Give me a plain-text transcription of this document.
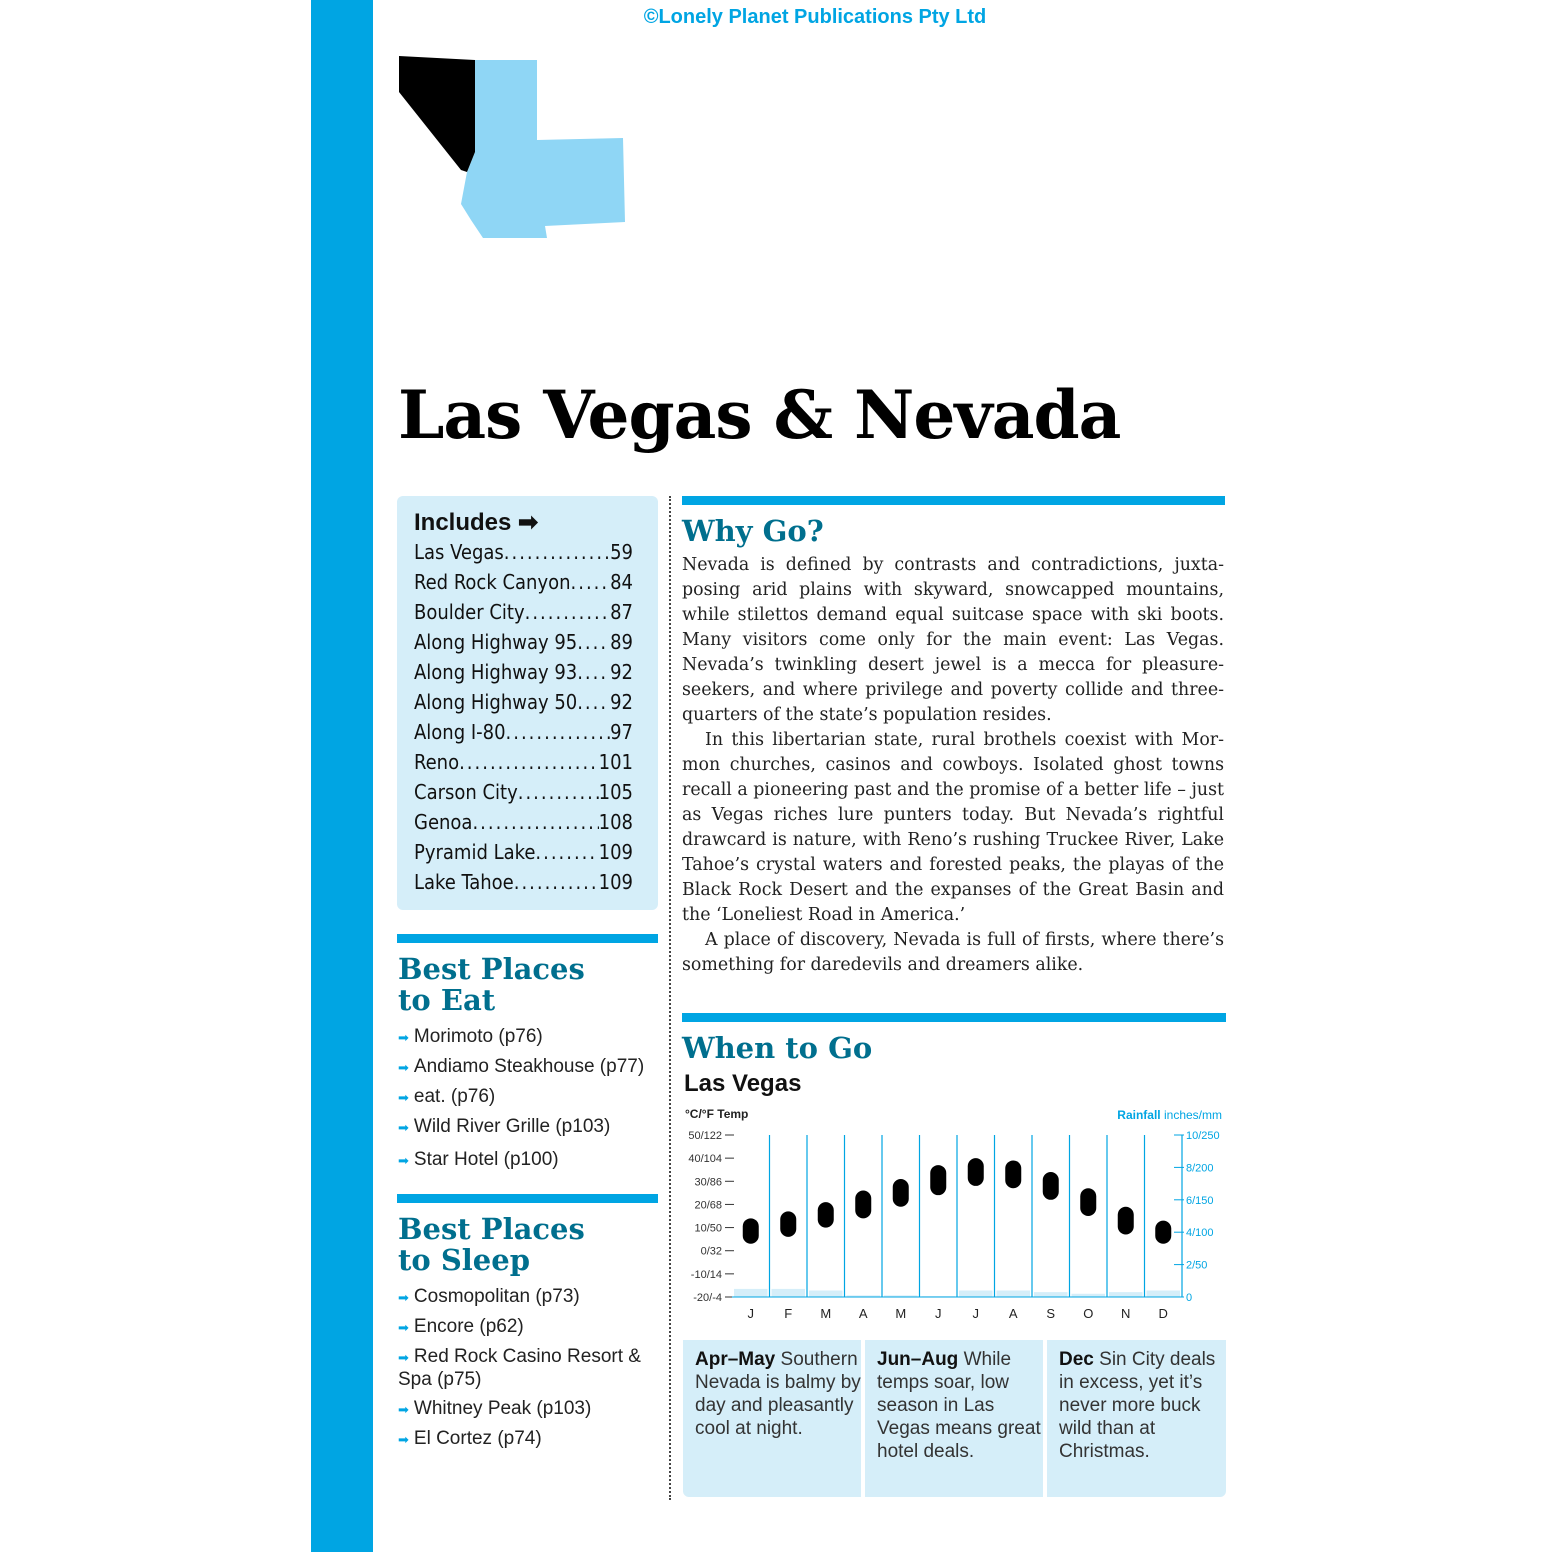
©Lonely Planet Publications Pty Ltd
Las Vegas & Nevada
Includes ➡
Las Vegas .....	59
Red Rock Canyon ..... 84
Boulder City .....	87
Along Highway 95 ..... 89
Along Highway 93 ..... 92
Along Highway 50 ..... 92
Along I-80 .....	97
Reno .....	101
Carson City .....	105
Genoa .....	108
Pyramid Lake .....	109
Lake Tahoe .....	109
Best Places
to Eat
➡ Morimoto (p76)
➡ Andiamo Steakhouse (p77)
➡ eat. (p76)
➡ Wild River Grille (p103)
➡ Star Hotel (p100)
Best Places
to Sleep
➡ Cosmopolitan (p73)
➡ Encore (p62)
➡ Red Rock Casino Resort & Spa (p75)
➡ Whitney Peak (p103)
➡ El Cortez (p74)
Why Go?

Nevada is defined by contrasts and contradictions, juxtaposing arid plains with skyward, snowcapped mountains, while stilettos demand equal suitcase space with ski boots. Many visitors come only for the main event: Las Vegas. Nevada’s twinkling desert jewel is a mecca for pleasure-seekers, and where privilege and poverty collide and three-quarters of the state’s population resides.

In this libertarian state, rural brothels coexist with Mormon churches, casinos and cowboys. Isolated ghost towns recall a pioneering past and the promise of a better life – just as Vegas riches lure punters today. But Nevada’s rightful drawcard is nature, with Reno’s rushing Truckee River, Lake Tahoe’s crystal waters and forested peaks, the playas of the Black Rock Desert and the expanses of the Great Basin and the ‘Loneliest Road in America.’

A place of discovery, Nevada is full of firsts, where there’s something for daredevils and dreamers alike.

When to Go
Las Vegas
°C/°F Temp	Rainfall inches/mm
50/122
40/104
30/86
20/68
10/50
0/32
-10/14
-20/-4
10/250
8/200
6/150
4/100
2/50
0
J F M A M J J A S O N D
Apr–May Southern Nevada is balmy by day and pleasantly cool at night.
Jun–Aug While temps soar, low season in Las Vegas means great hotel deals.
Dec Sin City deals in excess, yet it’s never more buck wild than at Christmas.
